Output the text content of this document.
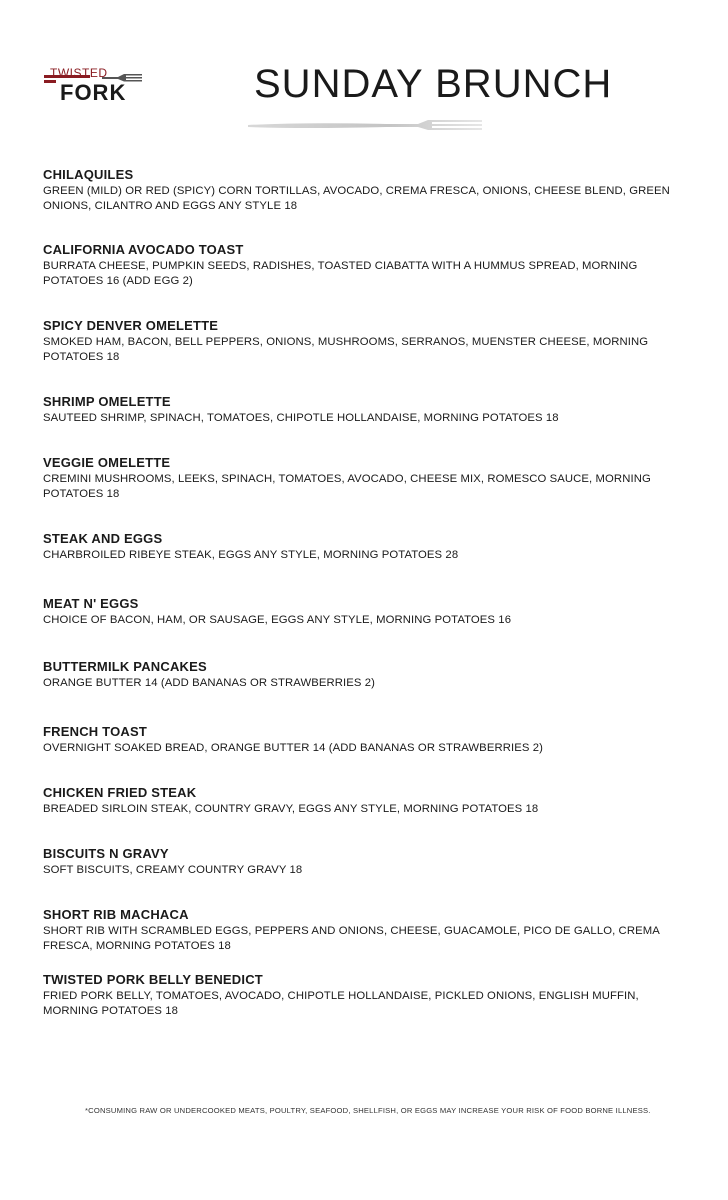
TWISTED
FORK	SUNDAY BRUNCH

CHILAQUILES

GREEN (MILD) OR RED (SPICY) CORN TORTILLAS, AVOCADO, CREMA FRESCA, ONIONS, CHEESE BLEND, GREEN ONIONS, CILANTRO AND EGGS ANY STYLE 18

CALIFORNIA AVOCADO TOAST

BURRATA CHEESE, PUMPKIN SEEDS, RADISHES, TOASTED CIABATTA WITH A HUMMUS SPREAD, MORNING POTATOES 16 (ADD EGG 2)

SPICY DENVER OMELETTE

SMOKED HAM, BACON, BELL PEPPERS, ONIONS, MUSHROOMS, SERRANOS, MUENSTER CHEESE, MORNING POTATOES 18

SHRIMP OMELETTE

SAUTEED SHRIMP, SPINACH, TOMATOES, CHIPOTLE HOLLANDAISE, MORNING POTATOES 18

VEGGIE OMELETTE

CREMINI MUSHROOMS, LEEKS, SPINACH, TOMATOES, AVOCADO, CHEESE MIX, ROMESCO SAUCE, MORNING POTATOES 18

STEAK AND EGGS

CHARBROILED RIBEYE STEAK, EGGS ANY STYLE, MORNING POTATOES 28

MEAT N' EGGS

CHOICE OF BACON, HAM, OR SAUSAGE, EGGS ANY STYLE, MORNING POTATOES 16

BUTTERMILK PANCAKES

ORANGE BUTTER 14 (ADD BANANAS OR STRAWBERRIES 2)

FRENCH TOAST

OVERNIGHT SOAKED BREAD, ORANGE BUTTER 14 (ADD BANANAS OR STRAWBERRIES 2)

CHICKEN FRIED STEAK

BREADED SIRLOIN STEAK, COUNTRY GRAVY, EGGS ANY STYLE, MORNING POTATOES 18

BISCUITS N GRAVY

SOFT BISCUITS, CREAMY COUNTRY GRAVY 18

SHORT RIB MACHACA

SHORT RIB WITH SCRAMBLED EGGS, PEPPERS AND ONIONS, CHEESE, GUACAMOLE, PICO DE GALLO, CREMA FRESCA, MORNING POTATOES 18

TWISTED PORK BELLY BENEDICT

FRIED PORK BELLY, TOMATOES, AVOCADO, CHIPOTLE HOLLANDAISE, PICKLED ONIONS, ENGLISH MUFFIN, MORNING POTATOES 18

*CONSUMING RAW OR UNDERCOOKED MEATS, POULTRY, SEAFOOD, SHELLFISH, OR EGGS MAY INCREASE YOUR RISK OF FOOD BORNE ILLNESS.
